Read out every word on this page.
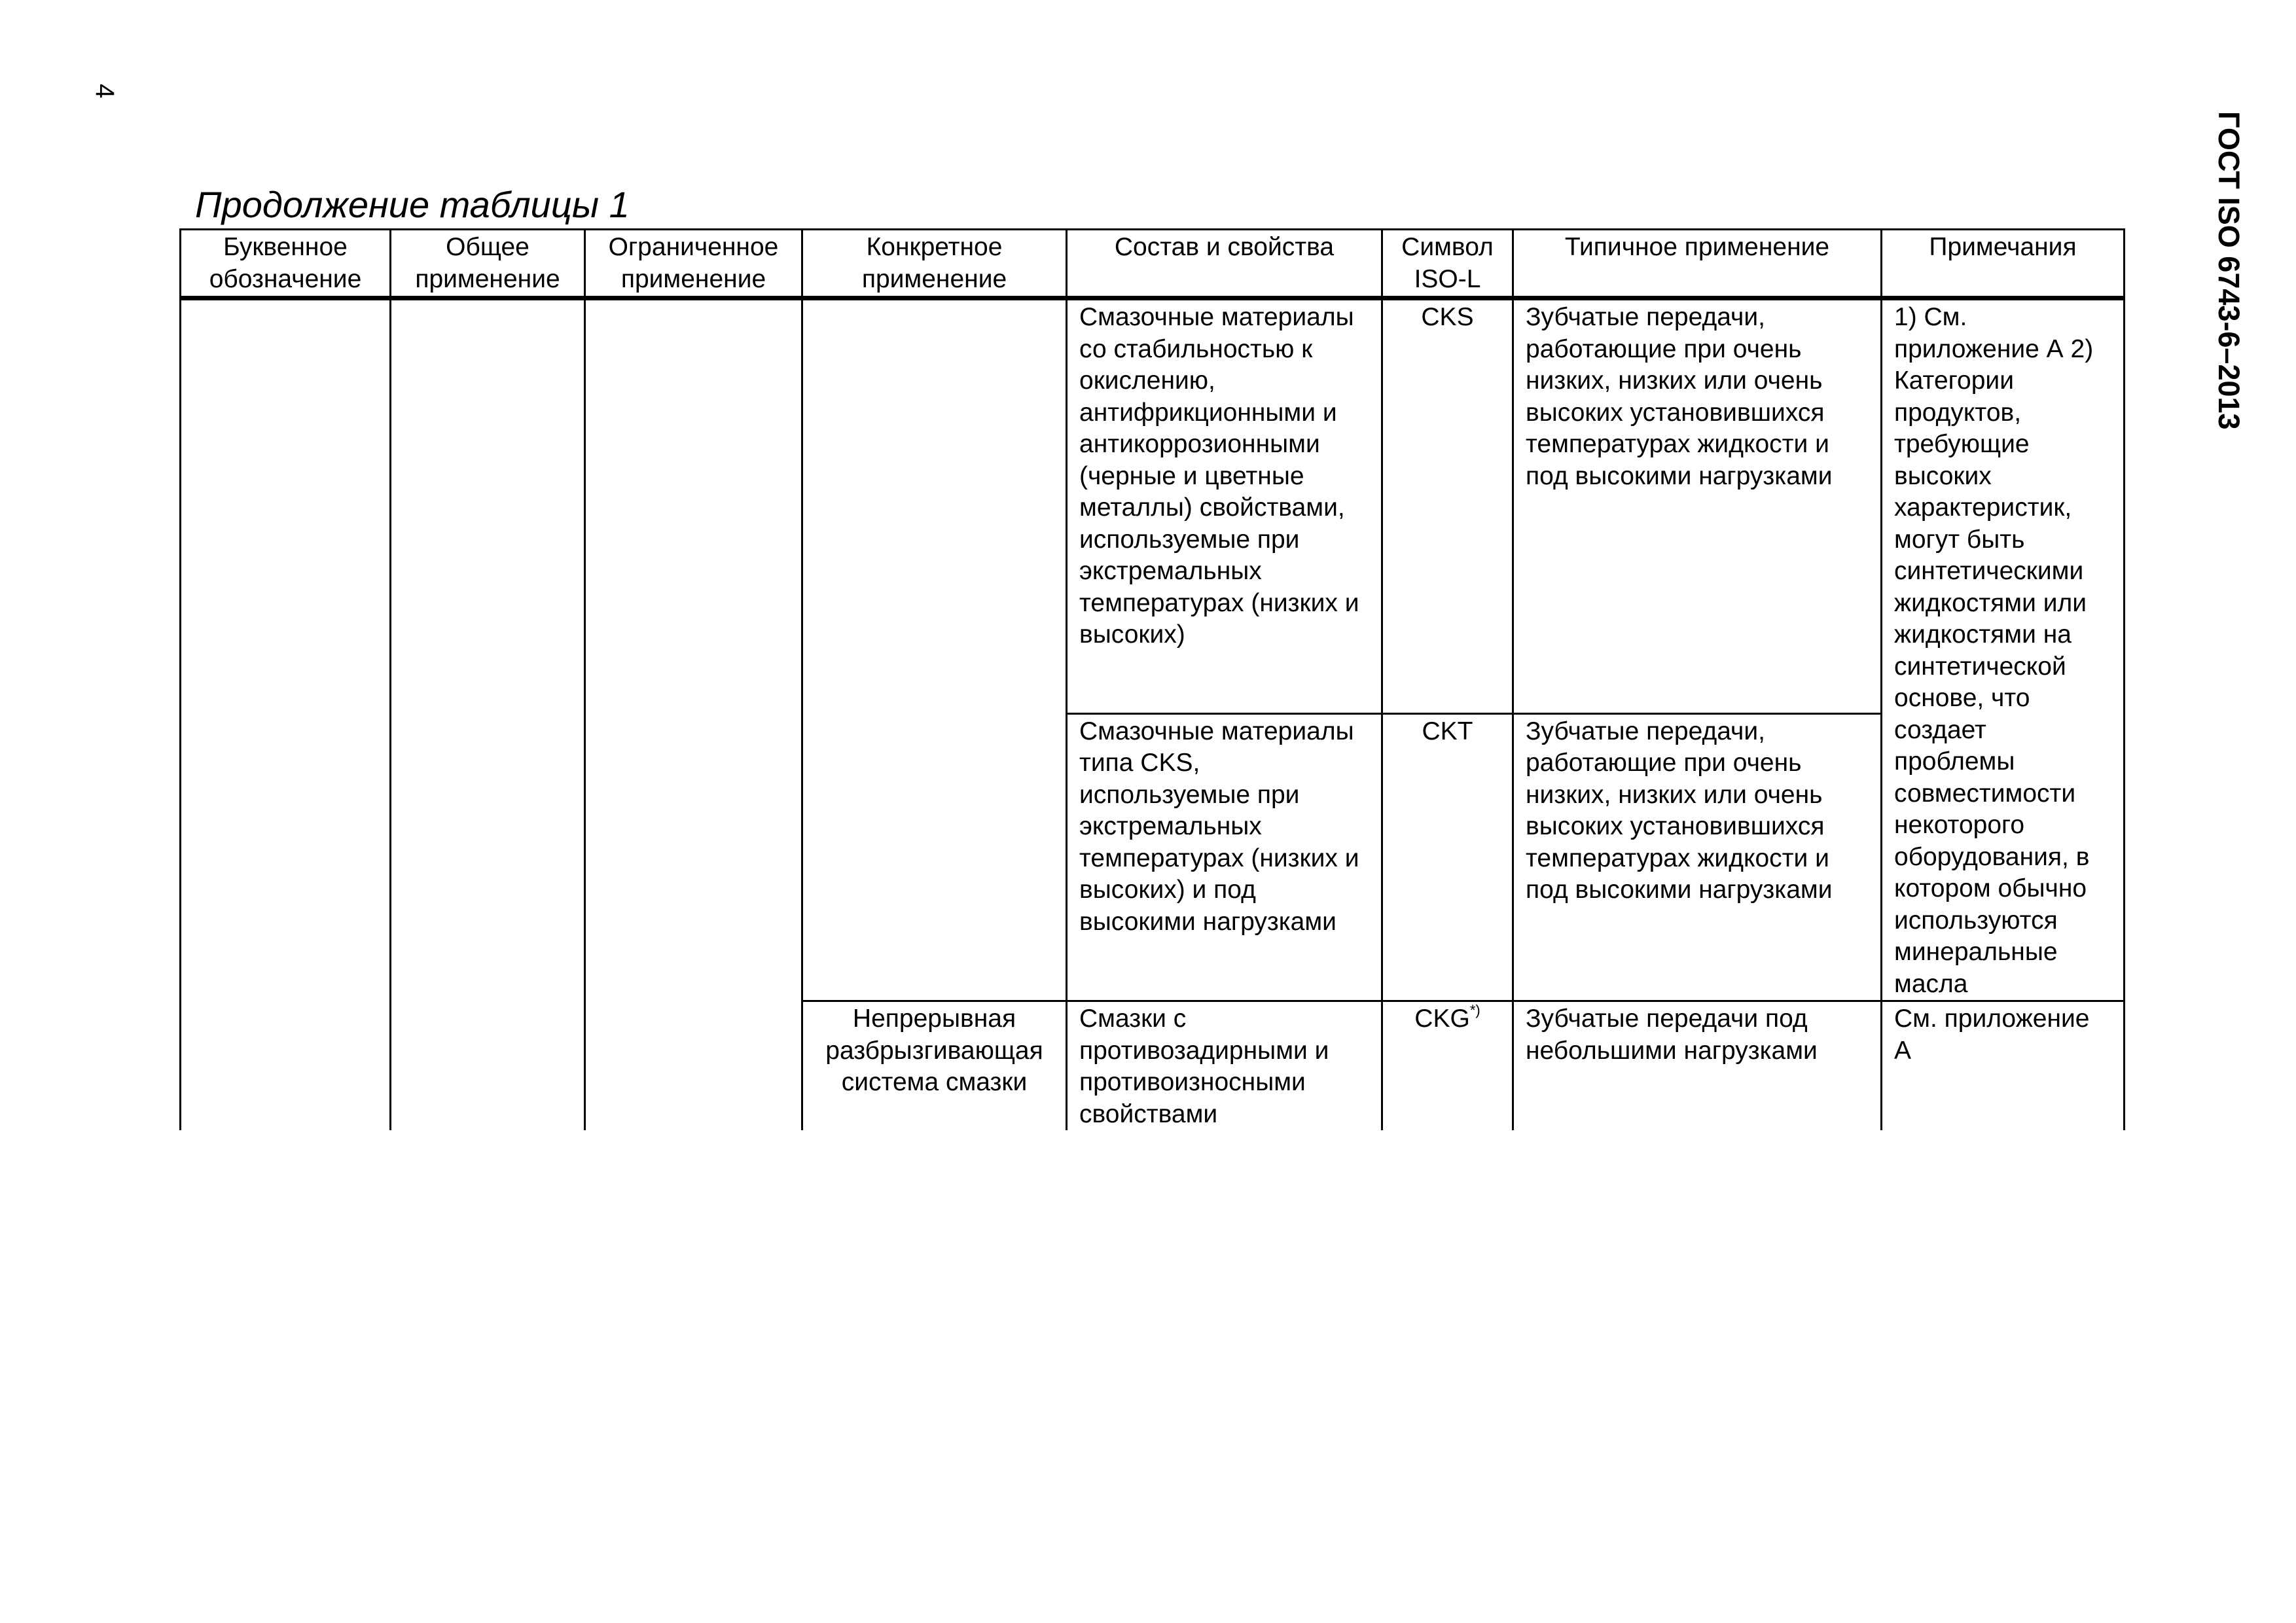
4
ГОСТ ISO 6743-6–2013
Продолжение таблицы 1
Буквенное обозначение	Общее применение	Ограниченное применение	Конкретное применение	Состав и свойства	Символ ISO-L	Типичное применение	Примечания
				Смазочные материалы со стабильностью к окислению, антифрикционными и антикоррозионными (черные и цветные металлы) свойствами, используемые при экстремальных температурах (низких и высоких)	CKS	Зубчатые передачи, работающие при очень низких, низких или очень высоких установившихся температурах жидкости и под высокими нагрузками	1) См. приложение А 2) Категории продуктов, требующие высоких характеристик, могут быть синтетическими жидкостями или жидкостями на синтетической основе, что создает проблемы совместимости некоторого оборудования, в котором обычно используются минеральные масла
				Смазочные материалы типа CKS, используемые при экстремальных температурах (низких и высоких) и под высокими нагрузками	CKT	Зубчатые передачи, работающие при очень низких, низких или очень высоких установившихся температурах жидкости и под высокими нагрузками	
			Непрерывная разбрызгивающая система смазки	Смазки с противозадирными и противоизносными свойствами	CKG*)	Зубчатые передачи под небольшими нагрузками	См. приложение А
